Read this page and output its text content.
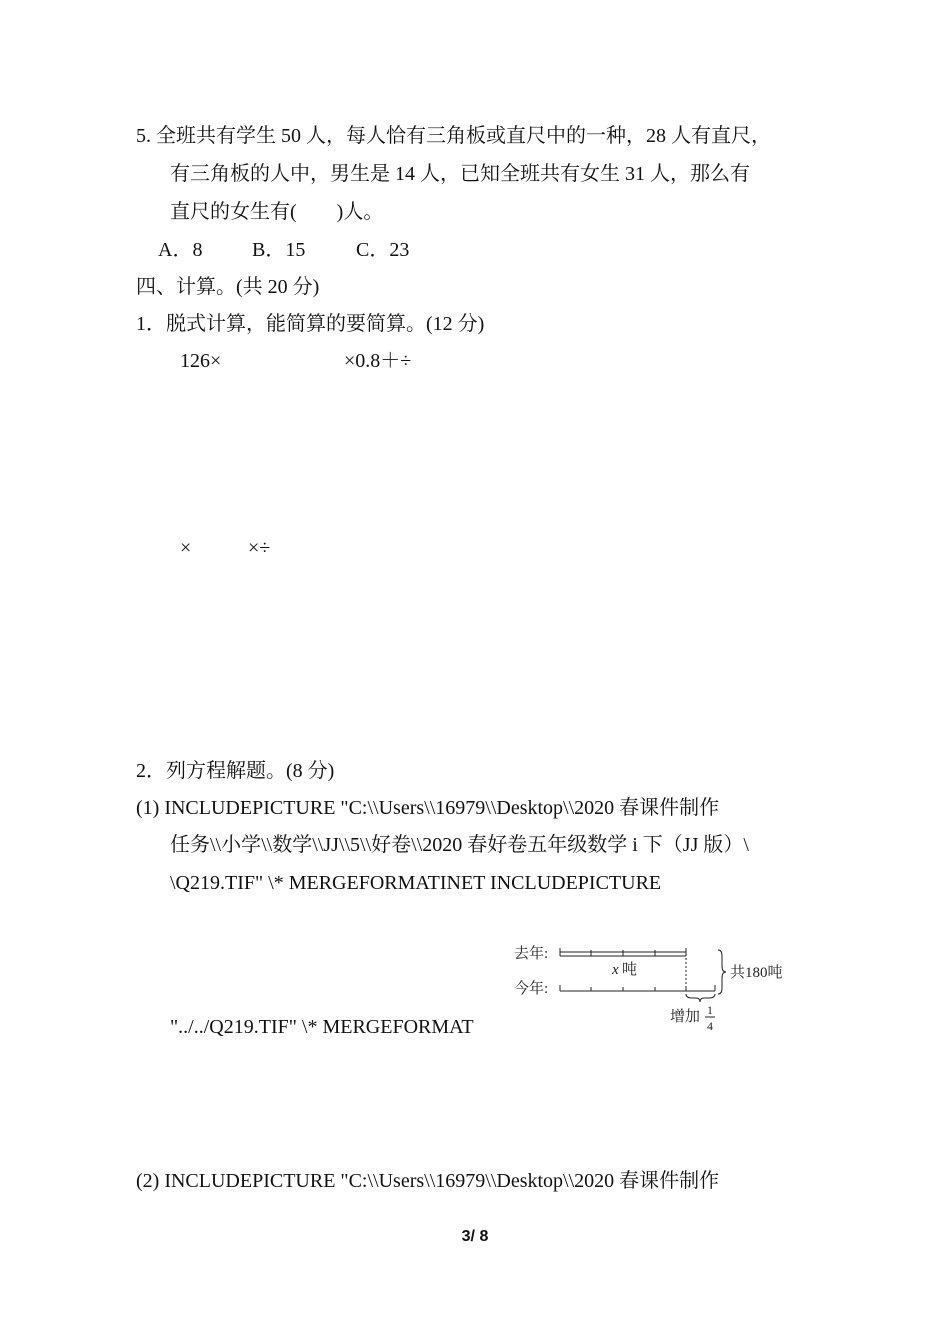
5. 全班共有学生 50 人，每人恰有三角板或直尺中的一种，28 人有直尺，
有三角板的人中，男生是 14 人，已知全班共有女生 31 人，那么有
直尺的女生有(　　)人。
A．8 B．15	C．23
四、计算。(共 20 分)
1．脱式计算，能简算的要简算。(12 分)
126×	×0.8＋÷
×	×÷
2．列方程解题。(8 分)
(1) INCLUDEPICTURE "C:\\Users\\16979\\Desktop\\2020 春课件制作
任务\\小学\\数学\\JJ\\5\\好卷\\2020 春好卷五年级数学 i 下（JJ 版）\
\Q219.TIF" \* MERGEFORMATINET INCLUDEPICTURE
"../../Q219.TIF" \* MERGEFORMAT
去年:
今年:
x 吨	共180吨
增加 1
4
(2) INCLUDEPICTURE "C:\\Users\\16979\\Desktop\\2020 春课件制作
3/ 8
